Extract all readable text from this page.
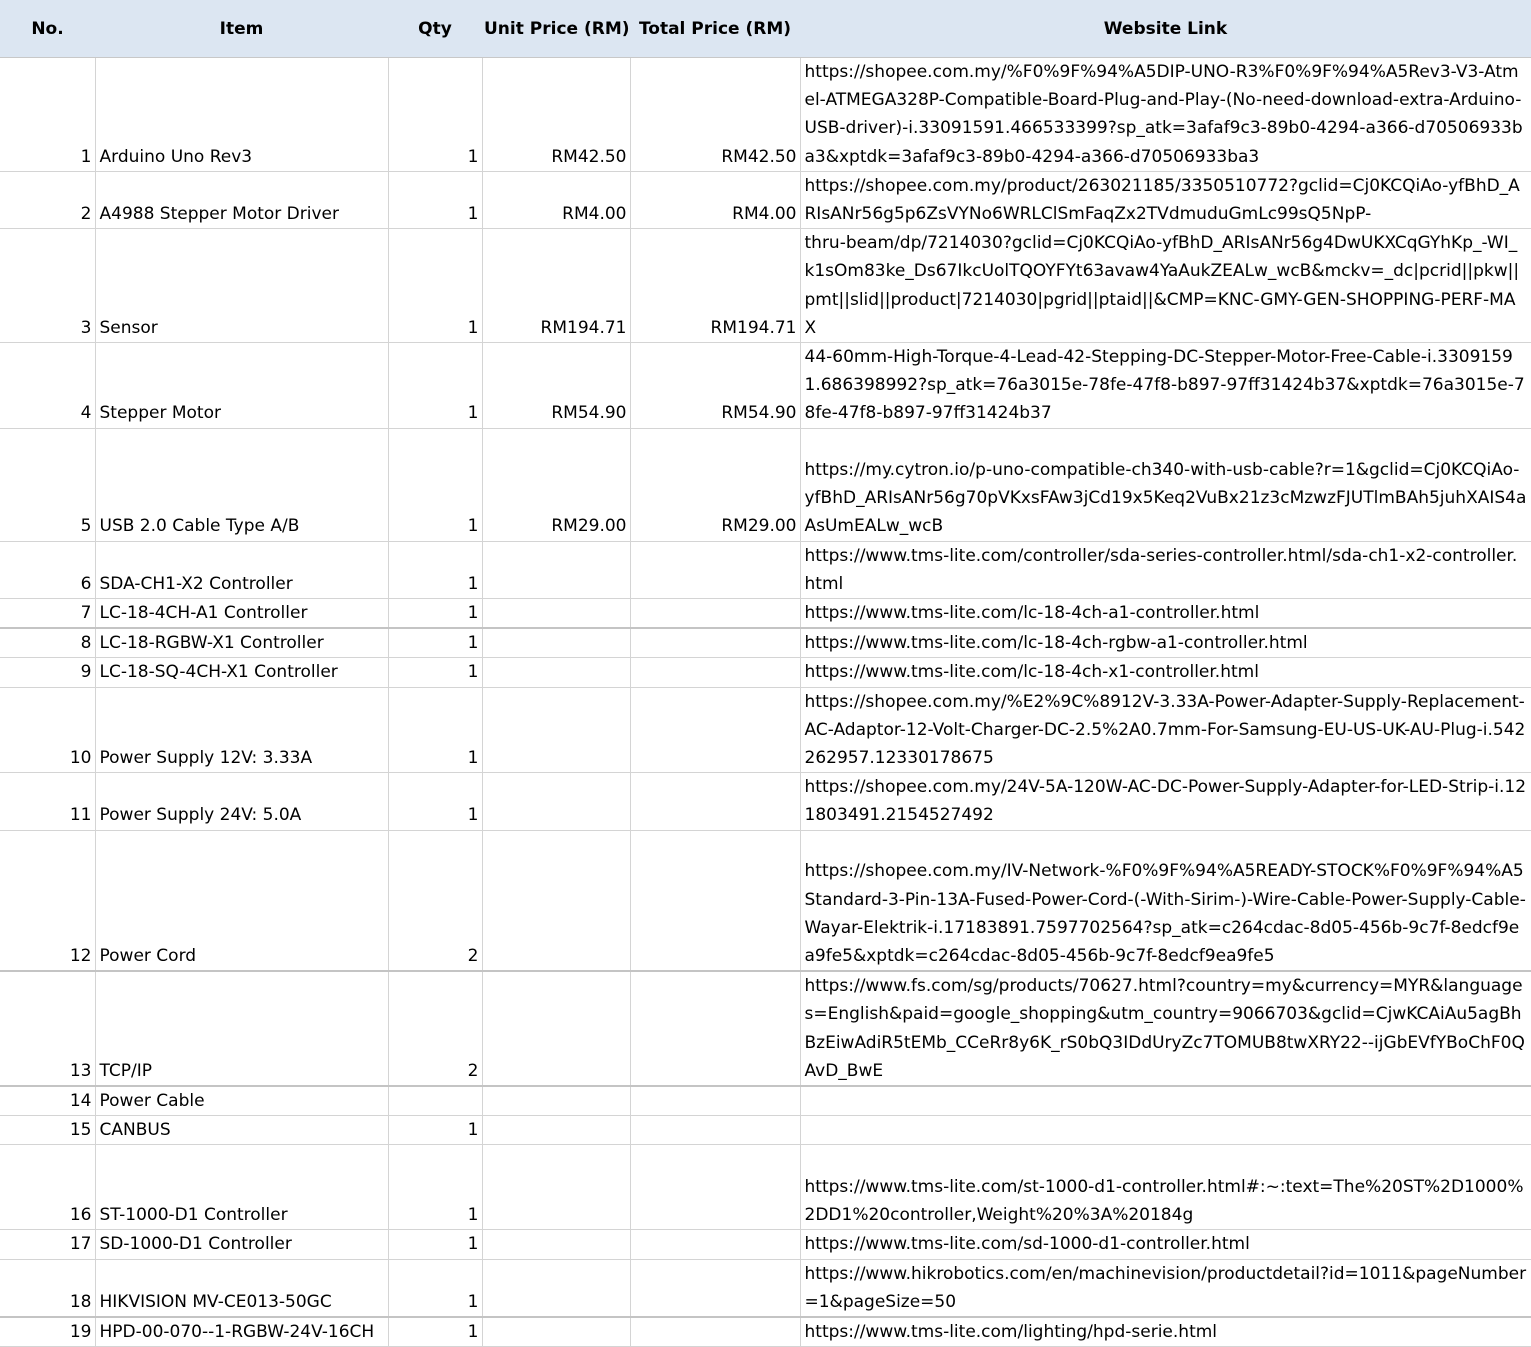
No.	Item	Qty	Unit Price (RM)	Total Price (RM)	Website Link
1	Arduino Uno Rev3	1	RM42.50	RM42.50	https://shopee.com.my/%F0%9F%94%A5DIP-UNO-R3%F0%9F%94%A5Rev3-V3-Atmel-ATMEGA328P-Compatible-Board-Plug-and-Play-(No-need-download-extra-Arduino-USB-driver)-i.33091591.466533399?sp_atk=3afaf9c3-89b0-4294-a366-d70506933ba3&xptdk=3afaf9c3-89b0-4294-a366-d70506933ba3
2	A4988 Stepper Motor Driver	1	RM4.00	RM4.00	https://shopee.com.my/product/263021185/3350510772?gclid=Cj0KCQiAo-yfBhD_ARIsANr56g5p6ZsVYNo6WRLClSmFaqZx2TVdmuduGmLc99sQ5NpP-
3	Sensor	1	RM194.71	RM194.71	thru-beam/dp/7214030?gclid=Cj0KCQiAo-yfBhD_ARIsANr56g4DwUKXCqGYhKp_-WI_k1sOm83ke_Ds67IkcUolTQOYFYt63avaw4YaAukZEALw_wcB&mckv=_dc|pcrid||pkw||pmt||slid||product|7214030|pgrid||ptaid||&CMP=KNC-GMY-GEN-SHOPPING-PERF-MAX
4	Stepper Motor	1	RM54.90	RM54.90	44-60mm-High-Torque-4-Lead-42-Stepping-DC-Stepper-Motor-Free-Cable-i.33091591.686398992?sp_atk=76a3015e-78fe-47f8-b897-97ff31424b37&xptdk=76a3015e-78fe-47f8-b897-97ff31424b37
5	USB 2.0 Cable Type A/B	1	RM29.00	RM29.00	https://my.cytron.io/p-uno-compatible-ch340-with-usb-cable?r=1&gclid=Cj0KCQiAo-yfBhD_ARIsANr56g70pVKxsFAw3jCd19x5Keq2VuBx21z3cMzwzFJUTlmBAh5juhXAIS4aAsUmEALw_wcB
6	SDA-CH1-X2 Controller	1			https://www.tms-lite.com/controller/sda-series-controller.html/sda-ch1-x2-controller.html
7	LC-18-4CH-A1 Controller	1			https://www.tms-lite.com/lc-18-4ch-a1-controller.html
8	LC-18-RGBW-X1 Controller	1			https://www.tms-lite.com/lc-18-4ch-rgbw-a1-controller.html
9	LC-18-SQ-4CH-X1 Controller	1			https://www.tms-lite.com/lc-18-4ch-x1-controller.html
10	Power Supply 12V: 3.33A	1			https://shopee.com.my/%E2%9C%8912V-3.33A-Power-Adapter-Supply-Replacement-AC-Adaptor-12-Volt-Charger-DC-2.5%2A0.7mm-For-Samsung-EU-US-UK-AU-Plug-i.542262957.12330178675
11	Power Supply 24V: 5.0A	1			https://shopee.com.my/24V-5A-120W-AC-DC-Power-Supply-Adapter-for-LED-Strip-i.121803491.2154527492
12	Power Cord	2			https://shopee.com.my/IV-Network-%F0%9F%94%A5READY-STOCK%F0%9F%94%A5Standard-3-Pin-13A-Fused-Power-Cord-(-With-Sirim-)-Wire-Cable-Power-Supply-Cable-Wayar-Elektrik-i.17183891.7597702564?sp_atk=c264cdac-8d05-456b-9c7f-8edcf9ea9fe5&xptdk=c264cdac-8d05-456b-9c7f-8edcf9ea9fe5
13	TCP/IP	2			https://www.fs.com/sg/products/70627.html?country=my&currency=MYR&languages=English&paid=google_shopping&utm_country=9066703&gclid=CjwKCAiAu5agBhBzEiwAdiR5tEMb_CCeRr8y6K_rS0bQ3IDdUryZc7TOMUB8twXRY22--ijGbEVfYBoChF0QAvD_BwE
14	Power Cable				
15	CANBUS	1			
16	ST-1000-D1 Controller	1			https://www.tms-lite.com/st-1000-d1-controller.html#:~:text=The%20ST%2D1000%2DD1%20controller,Weight%20%3A%20184g
17	SD-1000-D1 Controller	1			https://www.tms-lite.com/sd-1000-d1-controller.html
18	HIKVISION MV-CE013-50GC	1			https://www.hikrobotics.com/en/machinevision/productdetail?id=1011&pageNumber=1&pageSize=50
19	HPD-00-070--1-RGBW-24V-16CH	1			https://www.tms-lite.com/lighting/hpd-serie.html
